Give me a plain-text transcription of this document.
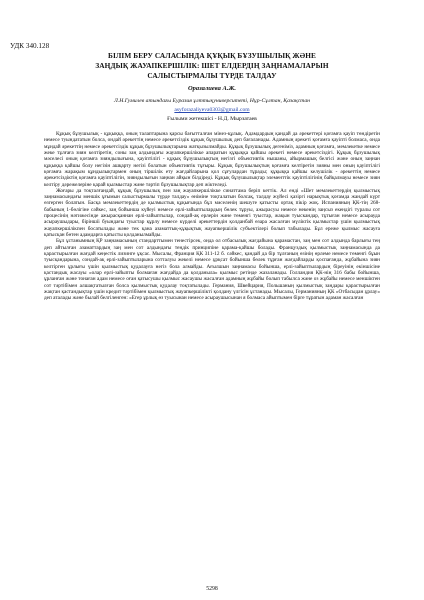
УДК 340.128
БІЛІМ БЕРУ САЛАСЫНДА ҚҰҚЫҚ БҰЗУШЫЛЫҚ ЖӘНЕ
ЗАҢДЫҚ ЖАУАПКЕРШІЛІК: ШЕТ ЕЛДЕРДІҢ ЗАҢНАМАЛАРЫН
САЛЫСТЫРМАЛЫ ТҮРДЕ ТАЛДАУ
Оразалиева А.Ж.
Л.Н.Гумилев атындағы Еуразия ұлттықуниверситеті, Нұр-Сұлтан, Қазақстан
asyforazaliyeva0303@gmail.com
Ғылыми жетекшісі - Н.Д. Мырзатаев

Құқық бұзушылық - құқыққа, оның талаптарына қарсы бағытталған мінез-құлық. Адамдардың қандай да әрекеттері қоғамға қауіп төндіретін немесе туындататын болса, ондай әрекеттің немесе әрекетсіздік құқық бұзушылық деп бағаланады. Адамның әрекеті қоғамға қауіпті болмаса, онда мұндай әрекеттің немесе әрекетсіздік құқық бұзушылықтарына жатқызылмайды. Құқық бұзушылық дегеніміз, адамның қоғамға, мемлекетке немесе жеке тұлғаға зиян келтіретін, соны заң алдындағы жауапкершілікке апаратын құқыққа қайшы әрекеті немесе әрекетсіздігі. Құқық бұзушылық мәселесі оның қоғамға зияндылығына, қауіптілігі - құқық бұзушылықтың негізгі объективтік нышаны, айырмашық белгісі және оның заңнан құқыққа қайшы болу негізін ашқарту негізі болатын объективтік тұғыры. Құқық бұзушылықтың қоғамға келтіретін зияны мен оның қауіптілігі қоғамға жарақым құндылықтармен оның тіршілік ету жағдайларына қол сұғулардан тұрады; құқыққа қайшы келушілік - әрекеттің немесе әрекетсіздіктің қоғамға қауіптілігін, зияндылығын заңнан айқын білдіреді. Құқық бұзушылықтар элементтік қауіптілігінің байқалмауы немесе зиян келтіру дәрежелеріне қарай қылмыстар және тәртіп бұзушылықтар деп жіктеледі.

Жоғары да тоқталғандай, құқық бұзушылық пен заң жауапкершілікке синаттама беріп кеттік. Ал енді «Шет мемлекеттердің қылмыстық заңнамасындағы меншік ұғымын салыстырмалы түрде талдау» өніміне тоқталатын болсақ, талдау жүйесі қазіргі нарықтық қоғамда жандай күрт өзгерген болатын. Басқа мемлекеттердің де қылмыстық құқығында бұл мәселенің шешуге қатысты ортақ пікір жоқ. Испанияның ҚК-тің 268-бабының 1-бөлігіне сәйкес, заң бойынша күйеуі немесе ерлі-зайыптылардың бөлек тұруы, ажырасуы немесе некенің заңсыз екендігі туралы сот процесінің нәтижесінде ажырасқаннан ерлі-зайыптылар, сондай-ақ ерлерін және төменгі туыстар, жақын туыскандар, тұтыған немесе асырауда асыраушыдары, біріншіі буындағы туыстар құрлу немесе күрделі әрекеттердін қолданбай өзара жасалған мүліктік қылмыстар үшін қылмыстық жауапкершілікпен босатылады және тек қана азаматтық-құқықтық жауапкершілік субъектілері болып табылады. Бұл ереже қылмыс жасауға қатысқан бөтен адамдарға қатысты қолданылмайды.

Бұл ұстанымның ҚР заңнамасының стандарттымен тенестірсек, онда ол отбасылық жағдайына қарамастан, заң мен сот алдында барлығы тең деп айтылған азаматтардың заң мен сот алдындағы теңдік принципіне қарама-қайшы болады. Француздық қылмыстық заңнамасында да қарастырылған жағдай кеңестік лизинге ұқсас. Мысалы, Франция ҚК 311-12 б. сәйкес, қандай да бір тұлғаның өзінің өрлеме немесе төменгі бұын туысқандарына, сондай-ақ ерлі-зайыптыларына сотталуы жекелі немесе ұрқсат бойынша бөлек тұрған жағдайларды қоспағанда, жұбайына зиян келтірген ұрлығы үшін қылмыстық қудалауға негіз бола алмайды. Ағылшын заңнамасы бойынша, ерлі-зайыптылардың біреуінің екіншісіне қастандық жасауы «олар ерлі-зайыпты болмаған жағдайда да қолданыла» қылмыс ретінде жазаланады. Голландия ҚК-нің 316 бабы бойынша, ұрланған және тонаған адам немесе оған қатысушы қылмыс жасаушы жасалған адамның жұбайы болып табылса және оз жұбайы немесе меншіктен сот тәртібімен алшақтатылған болса қылмыстық қудалау тоқтатылады. Германия, Швейцария, Польшаның қылмыстық заңдары қарастырылған жақтан қастандықтар үшін кредит тәртібімен қылмыстық жауапкершілікті қолдану үлгісін ұстанады. Мысалы, Германияның ҚК «Отбасыдан ұрлау» деп аталады және былай белгіленген: «Егер ұрлық өз туысынан немесе асыраушысынан я болмаса айыптымен бірге тұратын адаман жасалған

5298
